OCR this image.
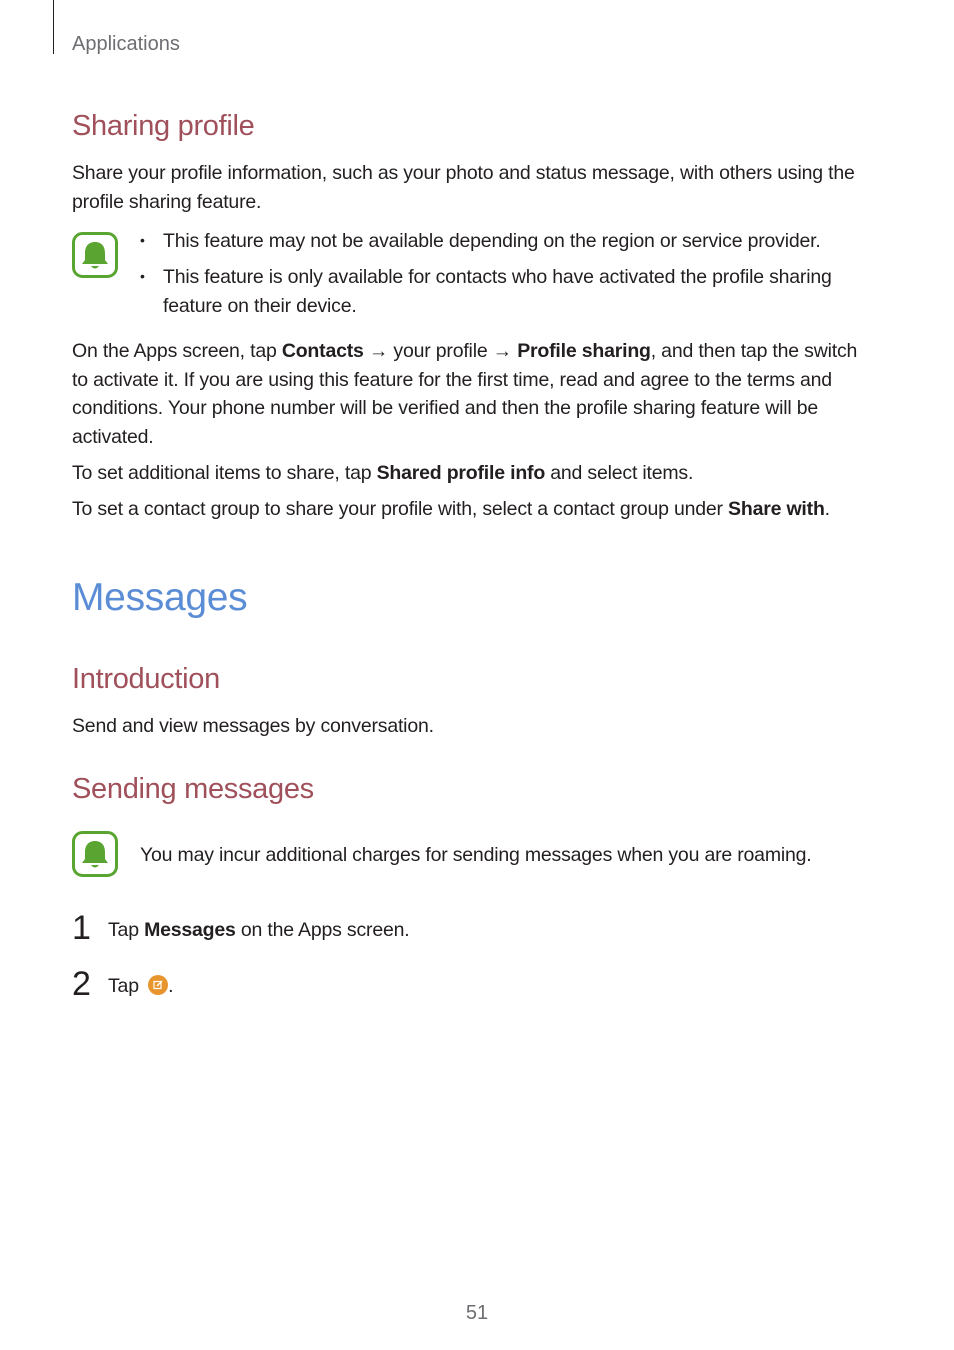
Applications
Sharing profile
Share your profile information, such as your photo and status message, with others using the
profile sharing feature.
• This feature may not be available depending on the region or service provider.
• This feature is only available for contacts who have activated the profile sharing
feature on their device.
On the Apps screen, tap Contacts → your profile → Profile sharing, and then tap the switch
to activate it. If you are using this feature for the first time, read and agree to the terms and
conditions. Your phone number will be verified and then the profile sharing feature will be
activated.
To set additional items to share, tap Shared profile info and select items.
To set a contact group to share your profile with, select a contact group under Share with.
Messages
Introduction
Send and view messages by conversation.
Sending messages
You may incur additional charges for sending messages when you are roaming.
1 Tap Messages on the Apps screen.
2 Tap
.
51
